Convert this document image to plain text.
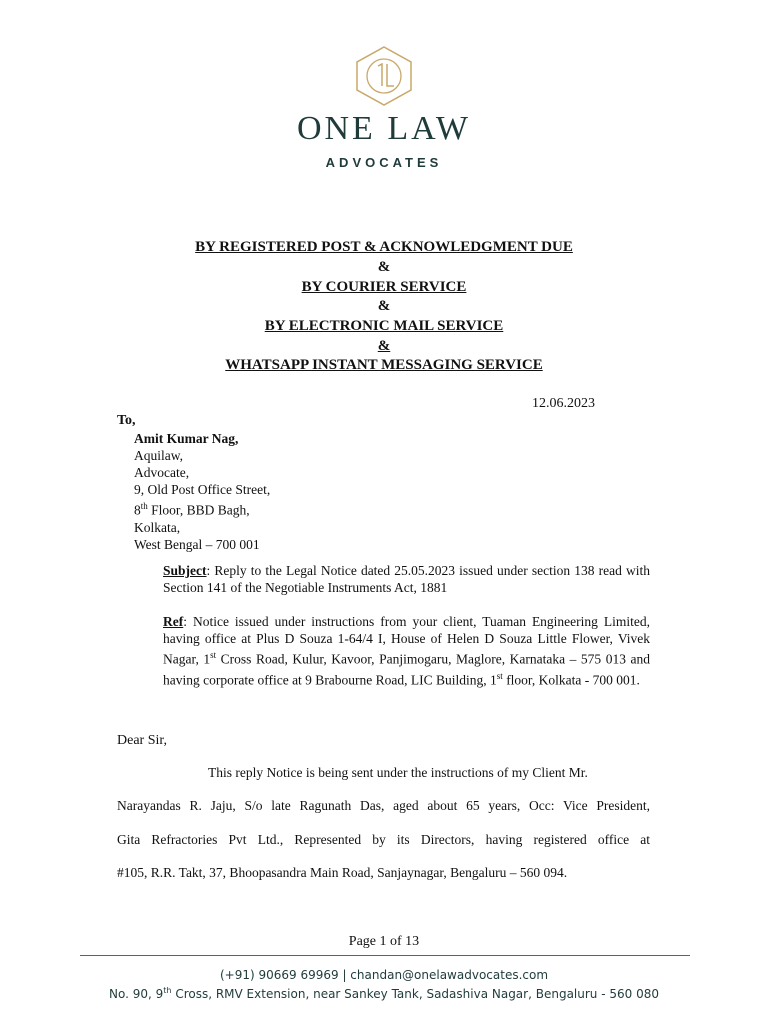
ONE LAW
ADVOCATES
BY REGISTERED POST & ACKNOWLEDGMENT DUE
&
BY COURIER SERVICE
&
BY ELECTRONIC MAIL SERVICE
&
WHATSAPP INSTANT MESSAGING SERVICE
12.06.2023
To,
Amit Kumar Nag,
Aquilaw,
Advocate,
9, Old Post Office Street,
8th Floor, BBD Bagh,
Kolkata,
West Bengal – 700 001
Subject: Reply to the Legal Notice dated 25.05.2023 issued under section 138 read with Section 141 of the Negotiable Instruments Act, 1881
Ref: Notice issued under instructions from your client, Tuaman Engineering Limited, having office at Plus D Souza 1-64/4 I, House of Helen D Souza Little Flower, Vivek Nagar, 1st Cross Road, Kulur, Kavoor, Panjimogaru, Maglore, Karnataka – 575 013 and having corporate office at 9 Brabourne Road, LIC Building, 1st floor, Kolkata - 700 001.
Dear Sir,
This reply Notice is being sent under the instructions of my Client Mr.
Narayandas R. Jaju, S/o late Ragunath Das, aged about 65 years, Occ: Vice President,
Gita Refractories Pvt Ltd., Represented by its Directors, having registered office at
#105, R.R. Takt, 37, Bhoopasandra Main Road, Sanjaynagar, Bengaluru – 560 094.
Page 1 of 13
(+91) 90669 69969 | chandan@onelawadvocates.com
No. 90, 9th Cross, RMV Extension, near Sankey Tank, Sadashiva Nagar, Bengaluru - 560 080
